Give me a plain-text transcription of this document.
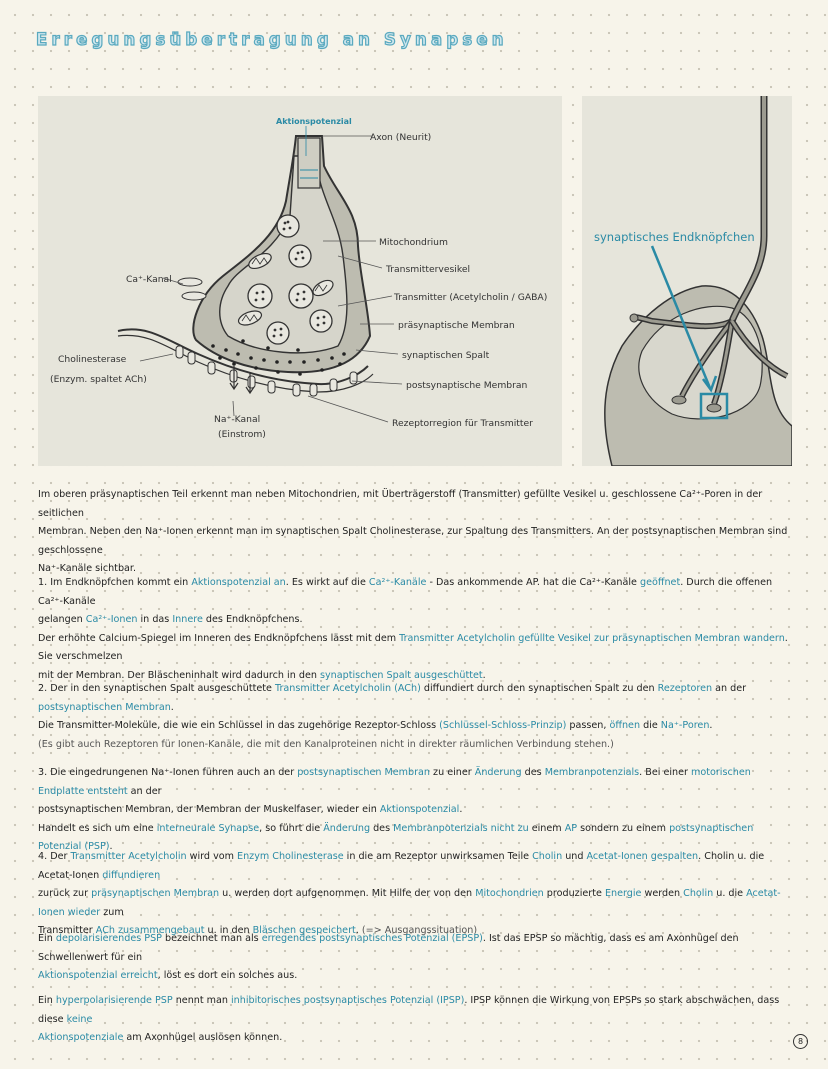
Erregungsübertragung an Synapsen
Aktionspotenzial
Axon (Neurit)
Mitochondrium
Transmittervesikel
Transmitter (Acetylcholin / GABA)
präsynaptische Membran
synaptischen Spalt
postsynaptische Membran
Rezeptorregion für Transmitter
Ca⁺-Kanal
Cholinesterase
(Enzym. spaltet ACh)
Na⁺-Kanal
(Einstrom)
synaptisches Endknöpfchen

Im oberen präsynaptischen Teil erkennt man neben Mitochondrien, mit Überträgerstoff (Transmitter) gefüllte Vesikel u. geschlossene Ca²⁺-Poren in der seitlichen

Membran. Neben den Na⁺-Ionen erkennt man im synaptischen Spalt Cholinesterase, zur Spaltung des Transmitters. An der postsynaptischen Membran sind geschlossene

Na⁺-Kanäle sichtbar.

1. Im Endknöpfchen kommt ein Aktionspotenzial an. Es wirkt auf die Ca²⁺-Kanäle - Das ankommende AP. hat die Ca²⁺-Kanäle geöffnet. Durch die offenen Ca²⁺-Kanäle

gelangen Ca²⁺-Ionen in das Innere des Endknöpfchens.

Der erhöhte Calcium-Spiegel im Inneren des Endknöpfchens lässt mit dem Transmitter Acetylcholin gefüllte Vesikel zur präsynaptischen Membran wandern. Sie verschmelzen

mit der Membran. Der Bläscheninhalt wird dadurch in den synaptischen Spalt ausgeschüttet.

2. Der in den synaptischen Spalt ausgeschüttete Transmitter Acetylcholin (ACh) diffundiert durch den synaptischen Spalt zu den Rezeptoren an der postsynaptischen Membran.

Die Transmitter-Moleküle, die wie ein Schlüssel in das zugehörige Rezeptor-Schloss (Schlüssel-Schloss-Prinzip) passen, öffnen die Na⁺-Poren.

(Es gibt auch Rezeptoren für Ionen-Kanäle, die mit den Kanalproteinen nicht in direkter räumlichen Verbindung stehen.)

3. Die eingedrungenen Na⁺-Ionen führen auch an der postsynaptischen Membran zu einer Änderung des Membranpotenzials. Bei einer motorischen Endplatte entsteht an der

postsynaptischen Membran, der Membran der Muskelfaser, wieder ein Aktionspotenzial.

Handelt es sich um eine interneurale Synapse, so führt die Änderung des Membranpotenzials nicht zu einem AP sondern zu einem postsynaptischen Potenzial (PSP).

4. Der Transmitter Acetylcholin wird vom Enzym Cholinesterase in die am Rezeptor unwirksamen Teile Cholin und Acetat-Ionen gespalten. Cholin u. die Acetat-Ionen diffundieren

zurück zur präsynaptischen Membran u. werden dort aufgenommen. Mit Hilfe der von den Mitochondrien produzierte Energie werden Cholin u. die Acetat-Ionen wieder zum

Transmitter ACh zusammengebaut u. in den Bläschen gespeichert. (=> Ausgangssituation)

Ein depolarisierendes PSP bezeichnet man als erregendes postsynaptisches Potenzial (EPSP). Ist das EPSP so mächtig, dass es am Axonhügel den Schwellenwert für ein

Aktionspotenzial erreicht, löst es dort ein solches aus.

Ein hyperpolarisierende PSP nennt man inhibitorisches postsynaptisches Potenzial (IPSP). IPSP können die Wirkung von EPSPs so stark abschwächen, dass diese keine

Aktionspotenziale am Axonhügel auslösen können.	8
